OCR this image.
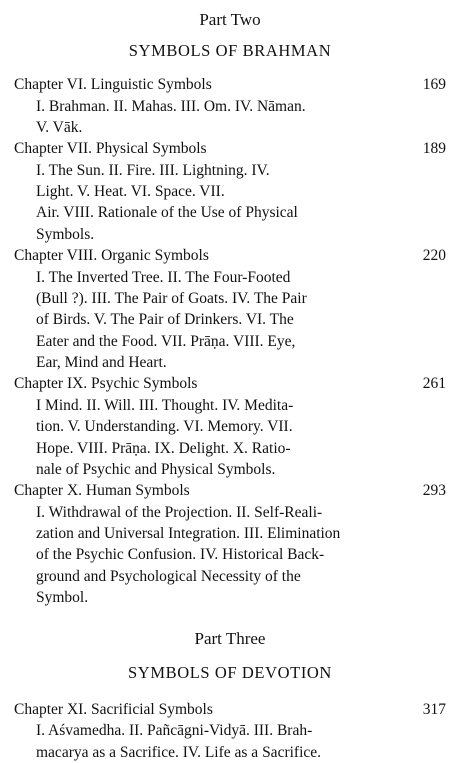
Part Two
SYMBOLS OF BRAHMAN
Chapter VI. Linguistic Symbols	169
I. Brahman. II. Mahas. III. Om. IV. Nāman.
V. Vāk.
Chapter VII. Physical Symbols	189
I. The Sun. II. Fire. III. Lightning. IV.
Light. V. Heat. VI. Space. VII.
Air. VIII. Rationale of the Use of Physical
Symbols.
Chapter VIII. Organic Symbols	220
I. The Inverted Tree. II. The Four-Footed
(Bull ?). III. The Pair of Goats. IV. The Pair
of Birds. V. The Pair of Drinkers. VI. The
Eater and the Food. VII. Prāṇa. VIII. Eye,
Ear, Mind and Heart.
Chapter IX. Psychic Symbols	261
I Mind. II. Will. III. Thought. IV. Medita-
tion. V. Understanding. VI. Memory. VII.
Hope. VIII. Prāṇa. IX. Delight. X. Ratio-
nale of Psychic and Physical Symbols.
Chapter X. Human Symbols	293
I. Withdrawal of the Projection. II. Self-Reali-
zation and Universal Integration. III. Elimination
of the Psychic Confusion. IV. Historical Back-
ground and Psychological Necessity of the
Symbol.
Part Three
SYMBOLS OF DEVOTION
Chapter XI. Sacrificial Symbols	317
I. Aśvamedha. II. Pañcāgni-Vidyā. III. Brah-
macarya as a Sacrifice. IV. Life as a Sacrifice.
